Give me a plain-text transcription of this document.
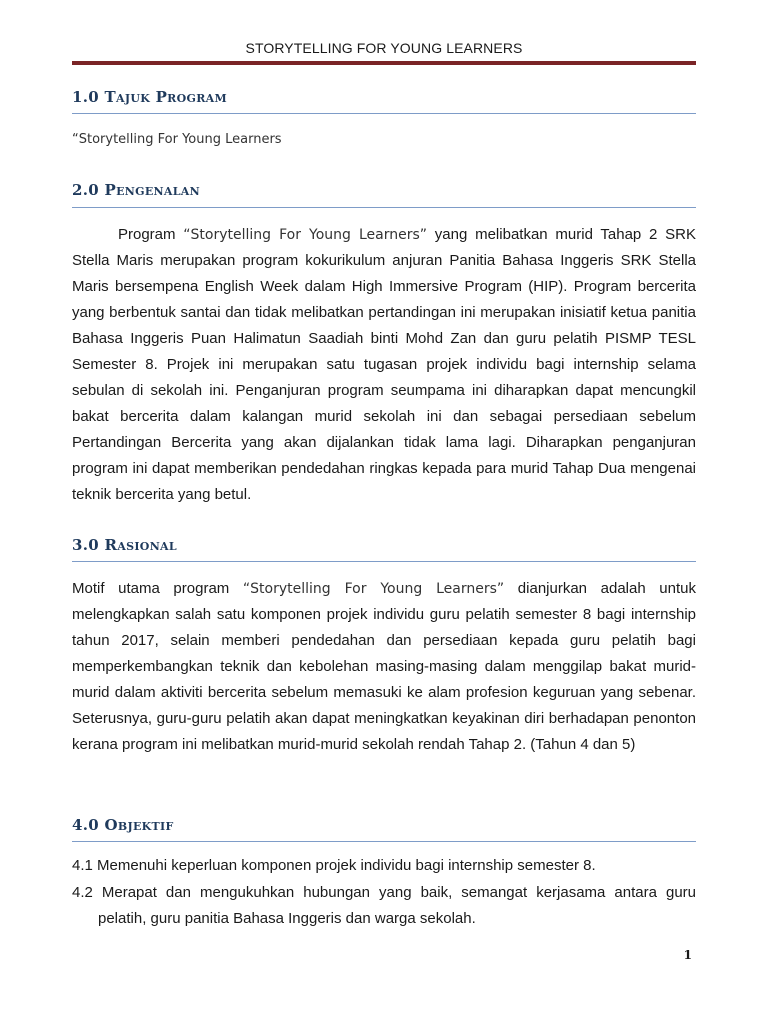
STORYTELLING FOR YOUNG LEARNERS
1.0 Tajuk Program
“Storytelling For Young Learners
2.0 Pengenalan

Program “Storytelling For Young Learners” yang melibatkan murid Tahap 2 SRK Stella Maris merupakan program kokurikulum anjuran Panitia Bahasa Inggeris SRK Stella Maris bersempena English Week dalam High Immersive Program (HIP). Program bercerita yang berbentuk santai dan tidak melibatkan pertandingan ini merupakan inisiatif ketua panitia Bahasa Inggeris Puan Halimatun Saadiah binti Mohd Zan dan guru pelatih PISMP TESL Semester 8. Projek ini merupakan satu tugasan projek individu bagi internship selama sebulan di sekolah ini. Penganjuran program seumpama ini diharapkan dapat mencungkil bakat bercerita dalam kalangan murid sekolah ini dan sebagai persediaan sebelum Pertandingan Bercerita yang akan dijalankan tidak lama lagi. Diharapkan penganjuran program ini dapat memberikan pendedahan ringkas kepada para murid Tahap Dua mengenai teknik bercerita yang betul.

3.0 Rasional

Motif utama program “Storytelling For Young Learners” dianjurkan adalah untuk melengkapkan salah satu komponen projek individu guru pelatih semester 8 bagi internship tahun 2017, selain memberi pendedahan dan persediaan kepada guru pelatih bagi memperkembangkan teknik dan kebolehan masing-masing dalam menggilap bakat murid-murid dalam aktiviti bercerita sebelum memasuki ke alam profesion keguruan yang sebenar. Seterusnya, guru-guru pelatih akan dapat meningkatkan keyakinan diri berhadapan penonton kerana program ini melibatkan murid-murid sekolah rendah Tahap 2. (Tahun 4 dan 5)

4.0 Objektif

4.1 Memenuhi keperluan komponen projek individu bagi internship semester 8.

4.2 Merapat dan mengukuhkan hubungan yang baik, semangat kerjasama antara guru pelatih, guru panitia Bahasa Inggeris dan warga sekolah.

1
